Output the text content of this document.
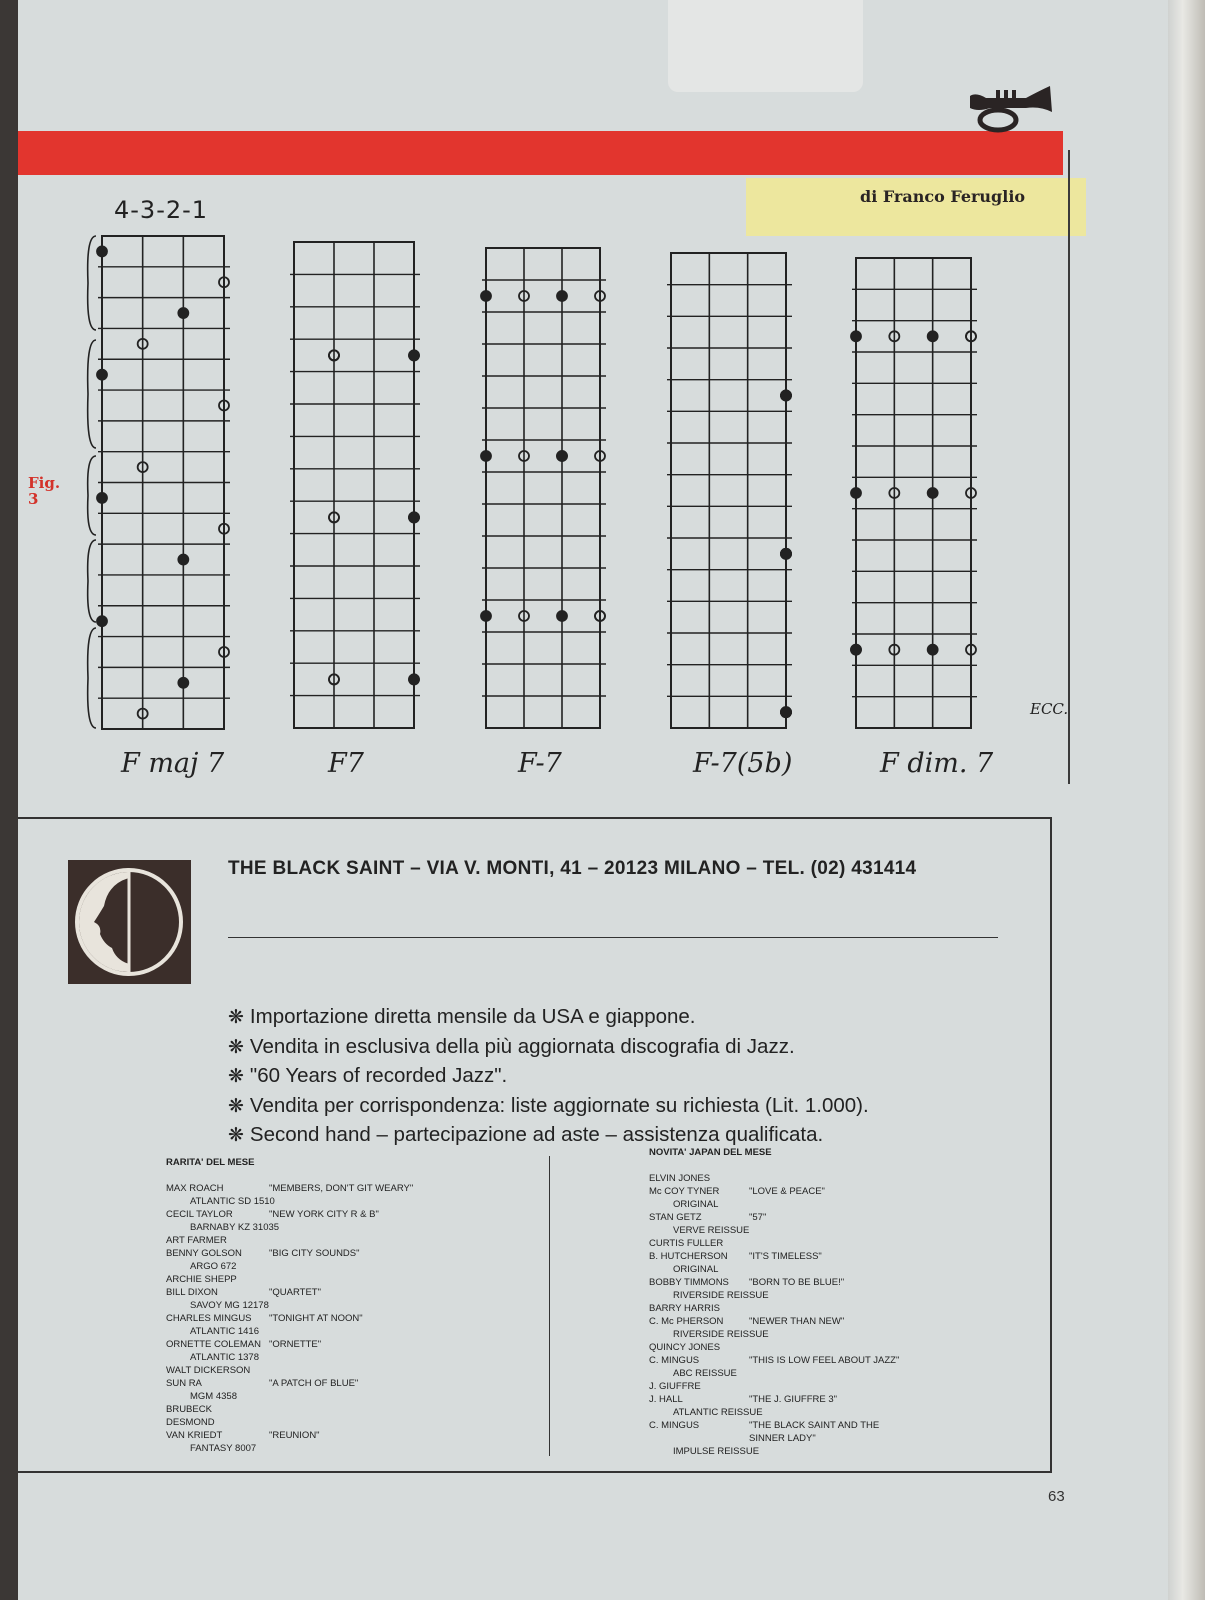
di Franco Feruglio
Fig.
3
4-3-2-1
ECC.
F maj 7	F7	F-7	F-7(5b)	F dim. 7
THE BLACK SAINT – VIA V. MONTI, 41 – 20123 MILANO – TEL. (02) 431414
❋ Importazione diretta mensile da USA e giappone.
❋ Vendita in esclusiva della più aggiornata discografia di Jazz.
❋ "60 Years of recorded Jazz".
❋ Vendita per corrispondenza: liste aggiornate su richiesta (Lit. 1.000).
❋ Second hand – partecipazione ad aste – assistenza qualificata.
RARITA' DEL MESE
MAX ROACH	"MEMBERS, DON'T GIT WEARY"
ATLANTIC SD 1510
CECIL TAYLOR	"NEW YORK CITY R & B"
BARNABY KZ 31035
ART FARMER
BENNY GOLSON	"BIG CITY SOUNDS"
ARGO 672
ARCHIE SHEPP
BILL DIXON	"QUARTET"
SAVOY MG 12178
CHARLES MINGUS "TONIGHT AT NOON"
ATLANTIC 1416
ORNETTE COLEMAN "ORNETTE"
ATLANTIC 1378
WALT DICKERSON
SUN RA	"A PATCH OF BLUE"
MGM 4358
BRUBECK
DESMOND
VAN KRIEDT	"REUNION"
FANTASY 8007
NOVITA' JAPAN DEL MESE
ELVIN JONES
Mc COY TYNER	"LOVE & PEACE"
ORIGINAL
STAN GETZ	"57"
VERVE REISSUE
CURTIS FULLER
B. HUTCHERSON "IT'S TIMELESS"
ORIGINAL
BOBBY TIMMONS "BORN TO BE BLUE!"
RIVERSIDE REISSUE
BARRY HARRIS
C. Mc PHERSON	"NEWER THAN NEW"
RIVERSIDE REISSUE
QUINCY JONES
C. MINGUS	"THIS IS LOW FEEL ABOUT JAZZ"
ABC REISSUE
J. GIUFFRE
J. HALL	"THE J. GIUFFRE 3"
ATLANTIC REISSUE
C. MINGUS	"THE BLACK SAINT AND THE
SINNER LADY"
IMPULSE REISSUE
63
